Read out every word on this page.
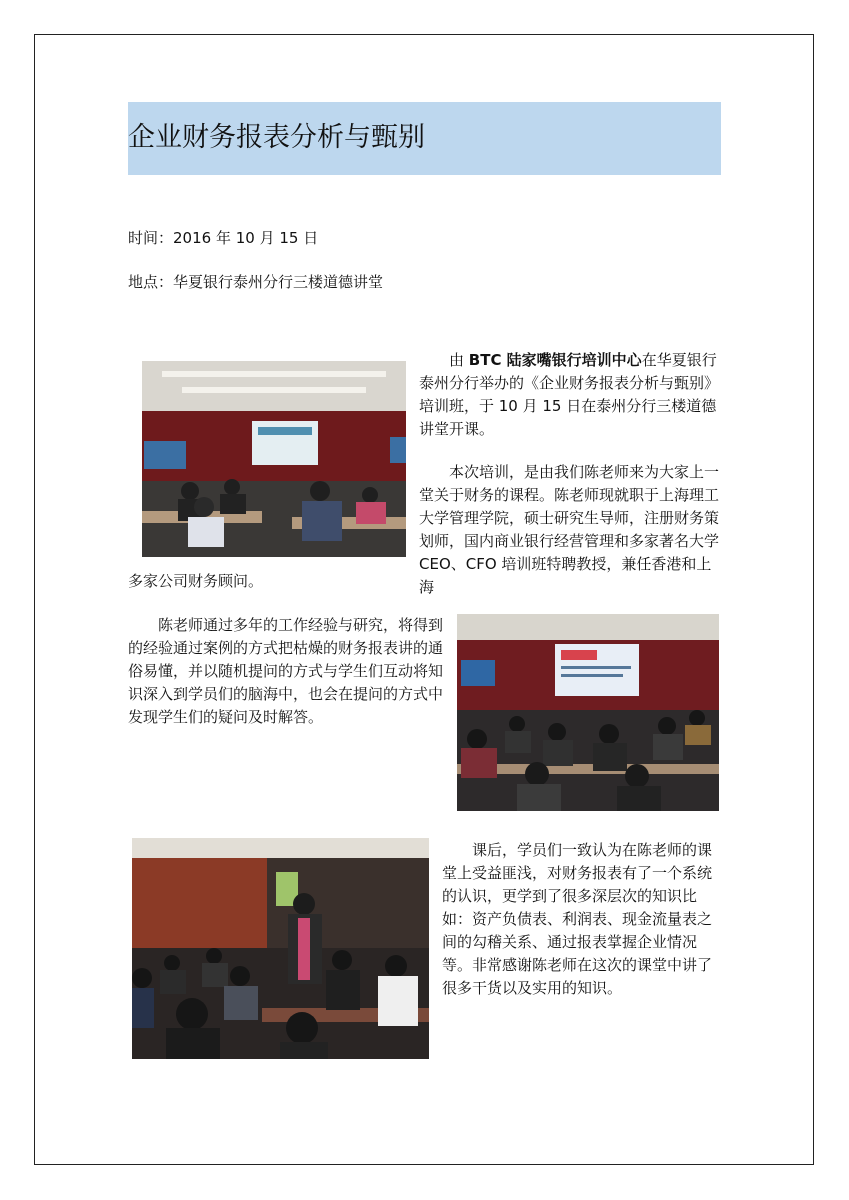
企业财务报表分析与甄别
时间：2016 年 10 月 15 日
地点：华夏银行泰州分行三楼道德讲堂

由 BTC 陆家嘴银行培训中心在华夏银行泰州分行举办的《企业财务报表分析与甄别》培训班，于 10 月 15 日在泰州分行三楼道德讲堂开课。

本次培训，是由我们陈老师来为大家上一堂关于财务的课程。陈老师现就职于上海理工大学管理学院，硕士研究生导师，注册财务策划师，国内商业银行经营管理和多家著名大学 CEO、CFO 培训班特聘教授，兼任香港和上海

多家公司财务顾问。

陈老师通过多年的工作经验与研究，将得到的经验通过案例的方式把枯燥的财务报表讲的通俗易懂，并以随机提问的方式与学生们互动将知识深入到学员们的脑海中，也会在提问的方式中发现学生们的疑问及时解答。

课后，学员们一致认为在陈老师的课堂上受益匪浅，对财务报表有了一个系统的认识，更学到了很多深层次的知识比如：资产负债表、利润表、现金流量表之间的勾稽关系、通过报表掌握企业情况等。非常感谢陈老师在这次的课堂中讲了很多干货以及实用的知识。
